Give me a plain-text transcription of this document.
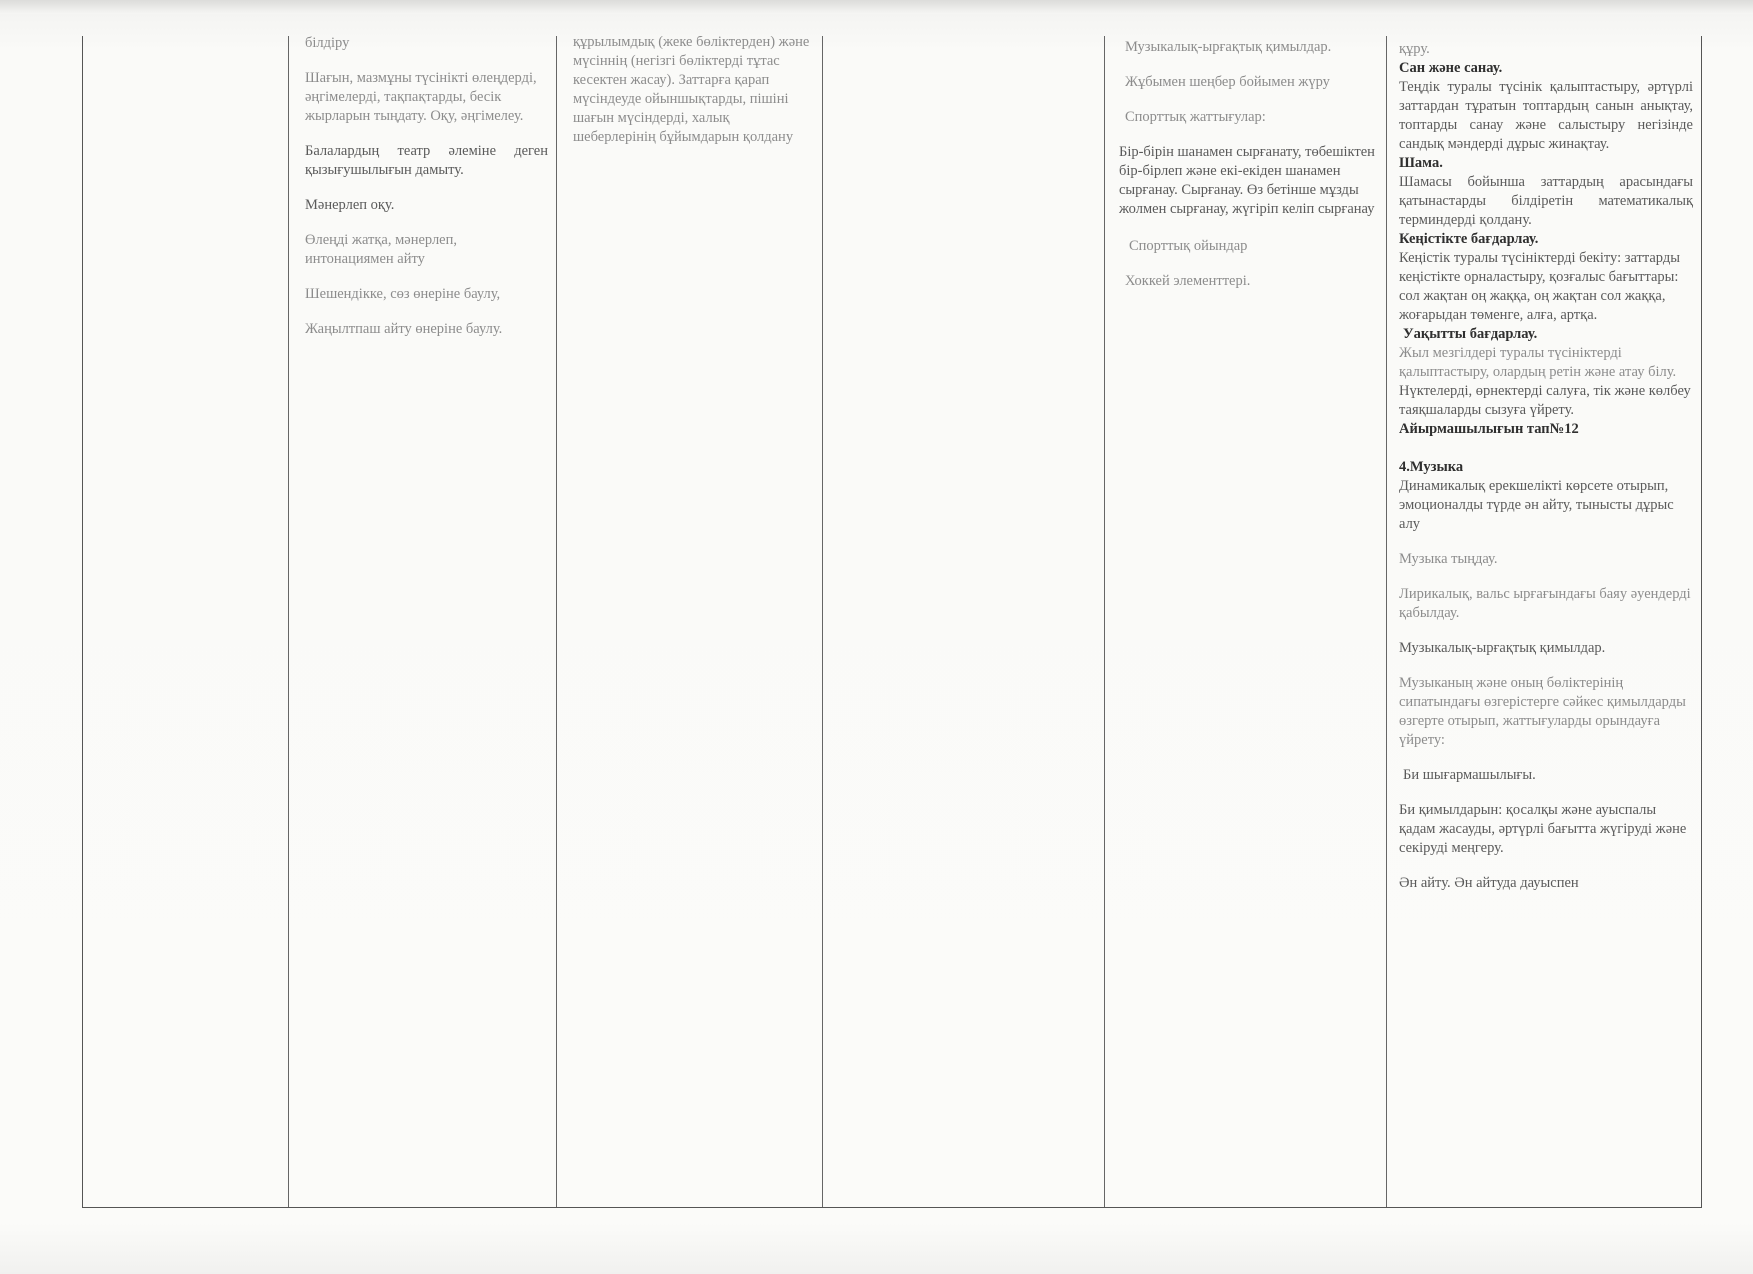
білдіру

Шағын, мазмұны түсінікті өлеңдерді, әңгімелерді, тақпақтарды, бесік жырларын тыңдату. Оқу, әңгімелеу.

Балалардың театр әлеміне деген қызығушылығын дамыту.

Мәнерлеп оқу.

Өлеңді жатқа, мәнерлеп, интонациямен айту

Шешендікке, сөз өнеріне баулу,

Жаңылтпаш айту өнеріне баулу.

құрылымдық (жеке бөліктерден) және мүсіннің (негізгі бөліктерді тұтас кесектен жасау). Заттарға қарап мүсіндеуде ойыншықтарды, пішіні шағын мүсіндерді, халық шеберлерінің бұйымдарын қолдану

Музыкалық-ырғақтық қимылдар.

Жұбымен шеңбер бойымен жүру

Спорттық жаттығулар:

Бір-бірін шанамен сырғанату, төбешіктен бір-бірлеп және екі-екіден шанамен сырғанау. Сырғанау. Өз бетінше мұзды жолмен сырғанау, жүгіріп келіп сырғанау

Спорттық ойындар

Хоккей элементтері.

құру.

Сан және санау.

Теңдік туралы түсінік қалыптастыру, әртүрлі заттардан тұратын топтардың санын анықтау, топтарды санау және салыстыру негізінде сандық мәндерді дұрыс жинақтау.

Шама.

Шамасы бойынша заттардың арасындағы қатынастарды білдіретін математикалық терминдерді қолдану.

Кеңістікте бағдарлау.

Кеңістік туралы түсініктерді бекіту: заттарды кеңістікте орналастыру, қозғалыс бағыттары: сол жақтан оң жаққа, оң жақтан сол жаққа, жоғарыдан төменге, алға, артқа.

Уақытты бағдарлау.

Жыл мезгілдері туралы түсініктерді қалыптастыру, олардың ретін және атау білу.

Нүктелерді, өрнектерді салуға, тік және көлбеу таяқшаларды сызуға үйрету.

Айырмашылығын тап№12

4.Музыка

Динамикалық ерекшелікті көрсете отырып, эмоционалды түрде ән айту, тынысты дұрыс алу

Музыка тыңдау.

Лирикалық, вальс ырғағындағы баяу әуендерді қабылдау.

Музыкалық-ырғақтық қимылдар.

Музыканың және оның бөліктерінің сипатындағы өзгерістерге сәйкес қимылдарды өзгерте отырып, жаттығуларды орындауға үйрету:

Би шығармашылығы.

Би қимылдарын: қосалқы және ауыспалы қадам жасауды, әртүрлі бағытта жүгіруді және секіруді меңгеру.

Ән айту. Ән айтуда дауыспен
